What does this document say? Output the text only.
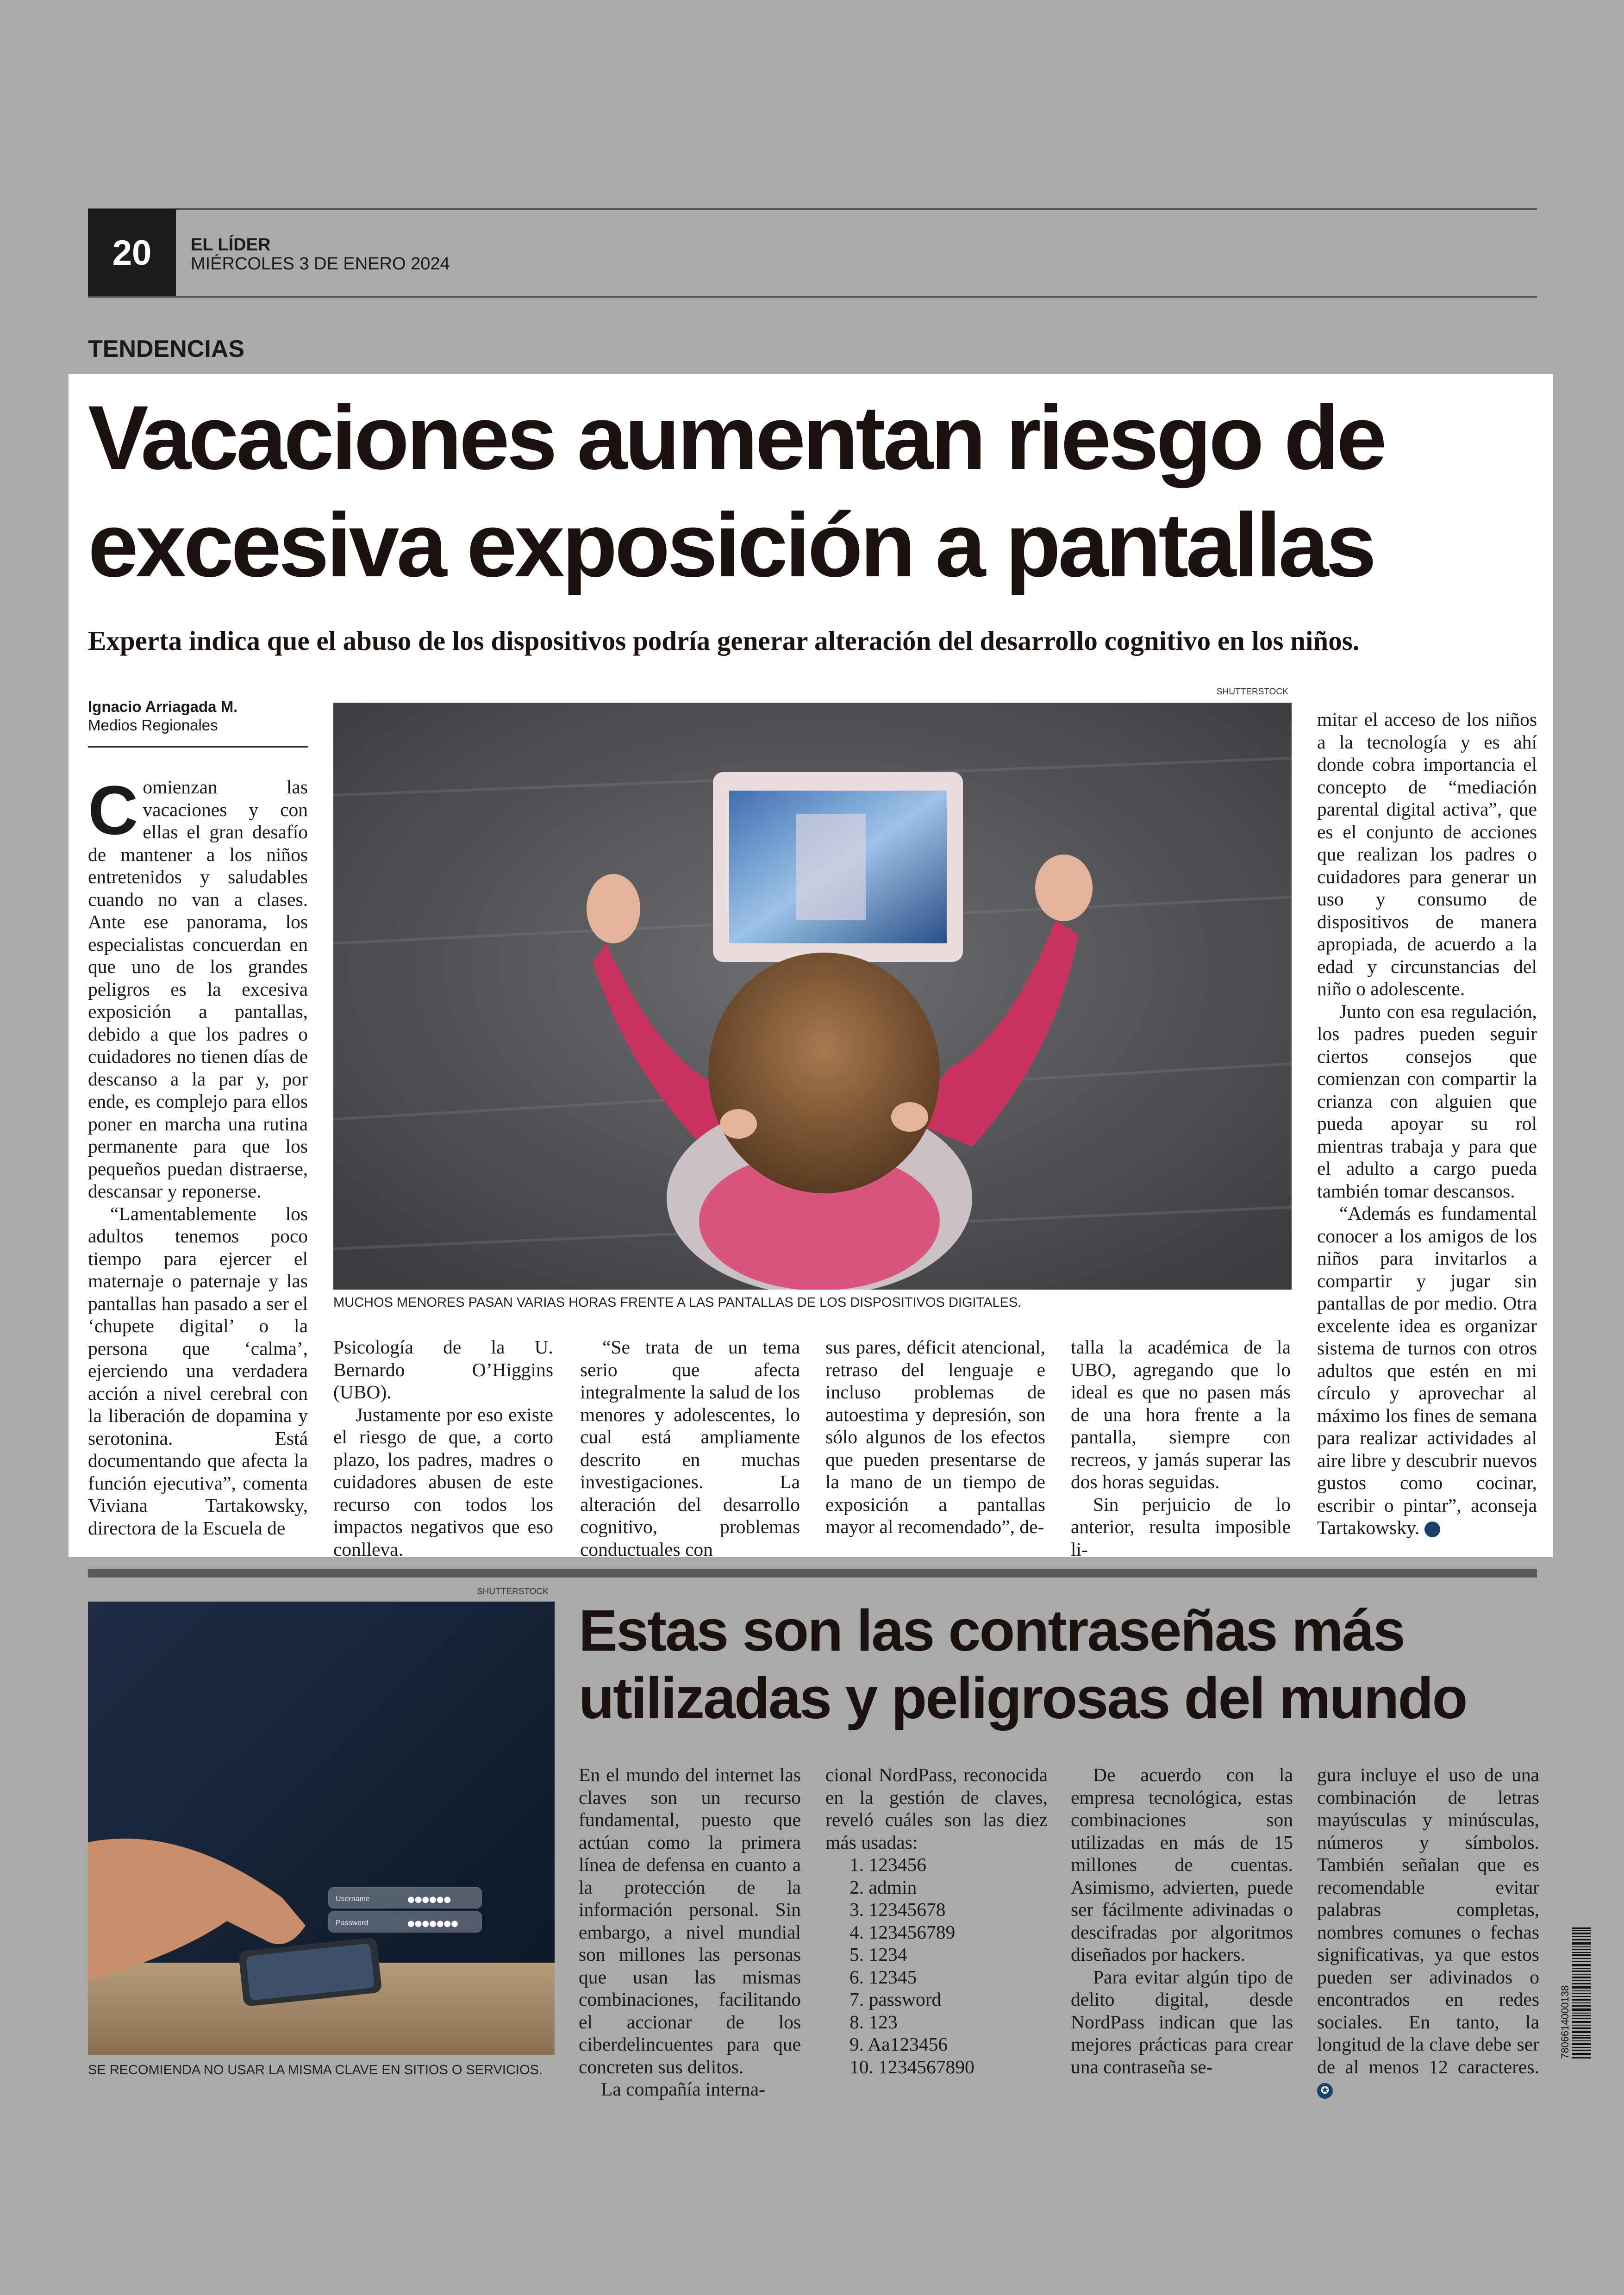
20	EL LÍDER
MIÉRCOLES 3 DE ENERO 2024
TENDENCIAS
Vacaciones aumentan riesgo de excesiva exposición a pantallas
Experta indica que el abuso de los dispositivos podría generar alteración del desarrollo cognitivo en los niños.
Ignacio Arriagada M.
Medios Regionales
SHUTTERSTOCK
MUCHOS MENORES PASAN VARIAS HORAS FRENTE A LAS PANTALLAS DE LOS DISPOSITIVOS DIGITALES.
C omienzan las vacaciones y con ellas el gran desafío de mantener a los niños entretenidos y saludables cuando no van a clases. Ante ese panorama, los especialistas concuerdan en que uno de los grandes peligros es la excesiva exposición a pantallas, debido a que los padres o cuidadores no tienen días de descanso a la par y, por ende, es complejo para ellos poner en marcha una rutina permanente para que los pequeños puedan distraerse, descansar y reponerse.

“Lamentablemente los adultos tenemos poco tiempo para ejercer el maternaje o paternaje y las pantallas han pasado a ser el ‘chupete digital’ o la persona que ‘calma’, ejerciendo una verdadera acción a nivel cerebral con la liberación de dopamina y serotonina. Está documentando que afecta la función ejecutiva”, comenta Viviana Tartakowsky, directora de la Escuela de

Psicología de la U. Bernardo O’Higgins (UBO).

Justamente por eso existe el riesgo de que, a corto plazo, los padres, madres o cuidadores abusen de este recurso con todos los impactos negativos que eso conlleva.

“Se trata de un tema serio que afecta integralmente la salud de los menores y adolescentes, lo cual está ampliamente descrito en muchas investigaciones. La alteración del desarrollo cognitivo, problemas conductuales con

sus pares, déficit atencional, retraso del lenguaje e incluso problemas de autoestima y depresión, son sólo algunos de los efectos que pueden presentarse de la mano de un tiempo de exposición a pantallas mayor al recomendado”, de-

talla la académica de la UBO, agregando que lo ideal es que no pasen más de una hora frente a la pantalla, siempre con recreos, y jamás superar las dos horas seguidas.

Sin perjuicio de lo anterior, resulta imposible li-

mitar el acceso de los niños a la tecnología y es ahí donde cobra importancia el concepto de “mediación parental digital activa”, que es el conjunto de acciones que realizan los padres o cuidadores para generar un uso y consumo de dispositivos de manera apropiada, de acuerdo a la edad y circunstancias del niño o adolescente.

Junto con esa regulación, los padres pueden seguir ciertos consejos que comienzan con compartir la crianza con alguien que pueda apoyar su rol mientras trabaja y para que el adulto a cargo pueda también tomar descansos.

“Además es fundamental conocer a los amigos de los niños para invitarlos a compartir y jugar sin pantallas de por medio. Otra excelente idea es organizar sistema de turnos con otros adultos que estén en mi círculo y aprovechar al máximo los fines de semana para realizar actividades al aire libre y descubrir nuevos gustos como cocinar, escribir o pintar”, aconseja Tartakowsky.	✪

SHUTTERSTOCK
Username	●●●●●●
Password	●●●●●●●
SE RECOMIENDA NO USAR LA MISMA CLAVE EN SITIOS O SERVICIOS.
Estas son las contraseñas más utilizadas y peligrosas del mundo

En el mundo del internet las claves son un recurso fundamental, puesto que actúan como la primera línea de defensa en cuanto a la protección de la información personal. Sin embargo, a nivel mundial son millones las personas que usan las mismas combinaciones, facilitando el accionar de los ciberdelincuentes para que concreten sus delitos.

La compañía interna-

cional NordPass, reconocida en la gestión de claves, reveló cuáles son las diez más usadas:

1. 123456
2. admin
3. 12345678
4. 123456789
5. 1234
6. 12345
7. password
8. 123
9. Aa123456
10. 1234567890

De acuerdo con la empresa tecnológica, estas combinaciones son utilizadas en más de 15 millones de cuentas. Asimismo, advierten, puede ser fácilmente adivinadas o descifradas por algoritmos diseñados por hackers.

Para evitar algún tipo de delito digital, desde NordPass indican que las mejores prácticas para crear una contraseña se-

gura incluye el uso de una combinación de letras mayúsculas y minúsculas, números y símbolos. También señalan que es recomendable evitar palabras completas, nombres comunes o fechas significativas, ya que estos pueden ser adivinados o encontrados en redes sociales. En tanto, la longitud de la clave debe ser de al menos 12 caracteres. ✪

7806614000138
